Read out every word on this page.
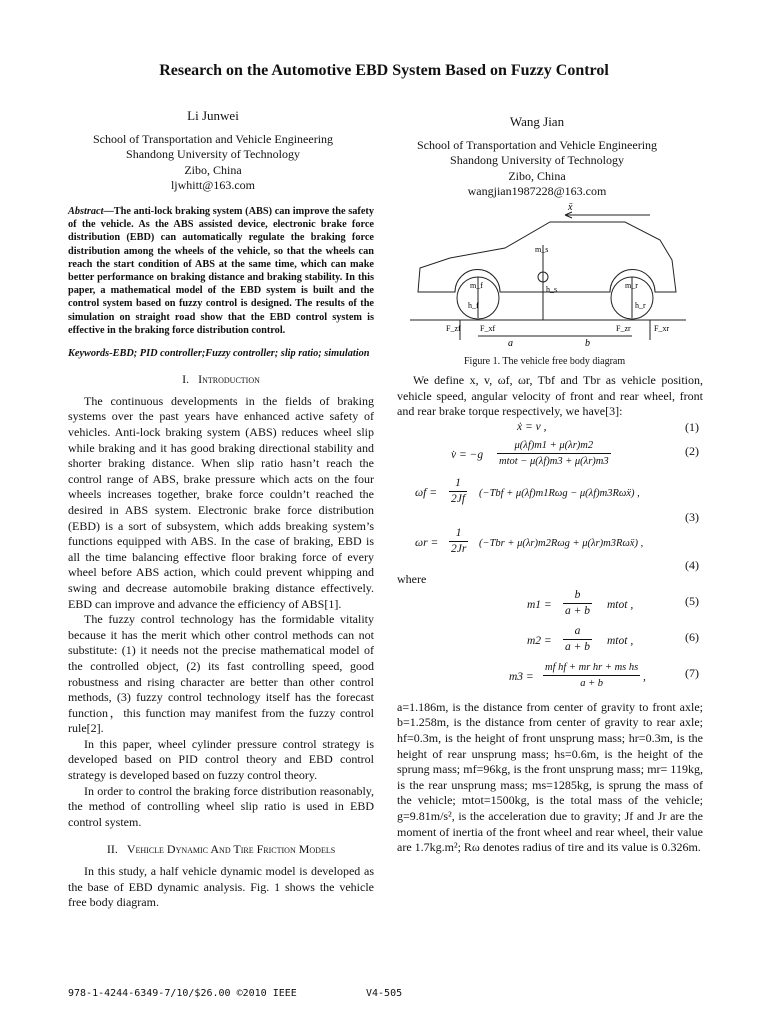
Research on the Automotive EBD System Based on Fuzzy Control
Li Junwei
School of Transportation and Vehicle Engineering
Shandong University of Technology
Zibo, China
ljwhitt@163.com
Wang Jian
School of Transportation and Vehicle Engineering
Shandong University of Technology
Zibo, China
wangjian1987228@163.com
Abstract—The anti-lock braking system (ABS) can improve the safety of the vehicle. As the ABS assisted device, electronic brake force distribution (EBD) can automatically regulate the braking force distribution among the wheels of the vehicle, so that the wheels can reach the start condition of ABS at the same time, which can make better performance on braking distance and braking stability. In this paper, a mathematical model of the EBD system is built and the control system based on fuzzy control is designed. The results of the simulation on straight road show that the EBD control system is effective in the braking force distribution control.
Keywords-EBD; PID controller;Fuzzy controller; slip ratio; simulation
I. Introduction

The continuous developments in the fields of braking systems over the past years have enhanced active safety of vehicles. Anti-lock braking system (ABS) reduces wheel slip while braking and it has good braking directional stability and shorter braking distance. When slip ratio hasn’t reach the control range of ABS, brake pressure which acts on the four wheels increases together, brake force couldn’t reached the desired in ABS system. Electronic brake force distribution (EBD) is a sort of subsystem, which adds breaking system’s functions equipped with ABS. In the case of braking, EBD is all the time balancing effective floor braking force of every wheel before ABS action, which could prevent whipping and swing and decrease automobile braking distance effectively. EBD can improve and advance the efficiency of ABS[1].

The fuzzy control technology has the formidable vitality because it has the merit which other control methods can not substitute: (1) it needs not the precise mathematical model of the controlled object, (2) its fast controlling speed, good robustness and rising character are better than other control methods, (3) fuzzy control technology itself has the forecast function，this function may manifest from the fuzzy control rule[2].

In this paper, wheel cylinder pressure control strategy is developed based on PID control theory and EBD control strategy is developed based on fuzzy control theory.

In order to control the braking force distribution reasonably, the method of controlling wheel slip ratio is used in EBD control system.

II. Vehicle Dynamic And Tire Friction Models

In this study, a half vehicle dynamic model is developed as the base of EBD dynamic analysis. Fig. 1 shows the vehicle free body diagram.

ẍ
m_s
m_f	m_r
h_f
h_s
h_r
F_zf F_xf	F_zr	F_xr
a	b
Figure 1. The vehicle free body diagram

We define x, v, ωf, ωr, Tbf and Tbr as vehicle position, vehicle speed, angular velocity of front and rear wheel, front and rear brake torque respectively, we have[3]:

ẋ = v ,	(1)
v̇ = −g
μ(λf)m1 + μ(λr)m2
mtot − μ(λf)m3 + μ(λr)m3
(2)
$\omega f = \frac{1}{2Jf} (-Tbf + \mu(\lambda f)m1R\omega g$ − μ(λf)m3Rωẍ) ,
(3)
$\omega r = \frac{1}{2Jr} (-Tbr + \mu(\lambda r)m2R\omega g$ + μ(λr)m3Rωẍ) ,
(4)
where
$m1 = \frac{b}{a + b}$ mtot ,	(5)
$m2 = \frac{a}{a + b}$ mtot ,	(6)
$m3 = \frac{\text{mf hf + mr hr + ms hs}}{a + b}$ ,	(7)

a=1.186m, is the distance from center of gravity to front axle; b=1.258m, is the distance from center of gravity to rear axle; hf=0.3m, is the height of front unsprung mass; hr=0.3m, is the height of rear unsprung mass; hs=0.6m, is the height of the sprung mass; mf=96kg, is the front unsprung mass; mr= 119kg, is the rear unsprung mass; ms=1285kg, is sprung the mass of the vehicle; mtot=1500kg, is the total mass of the vehicle; g=9.81m/s², is the acceleration due to gravity; Jf and Jr are the moment of inertia of the front wheel and rear wheel, their value are 1.7kg.m²; Rω denotes radius of tire and its value is 0.326m.

978-1-4244-6349-7/10/$26.00 ©2010 IEEE	V4-505
